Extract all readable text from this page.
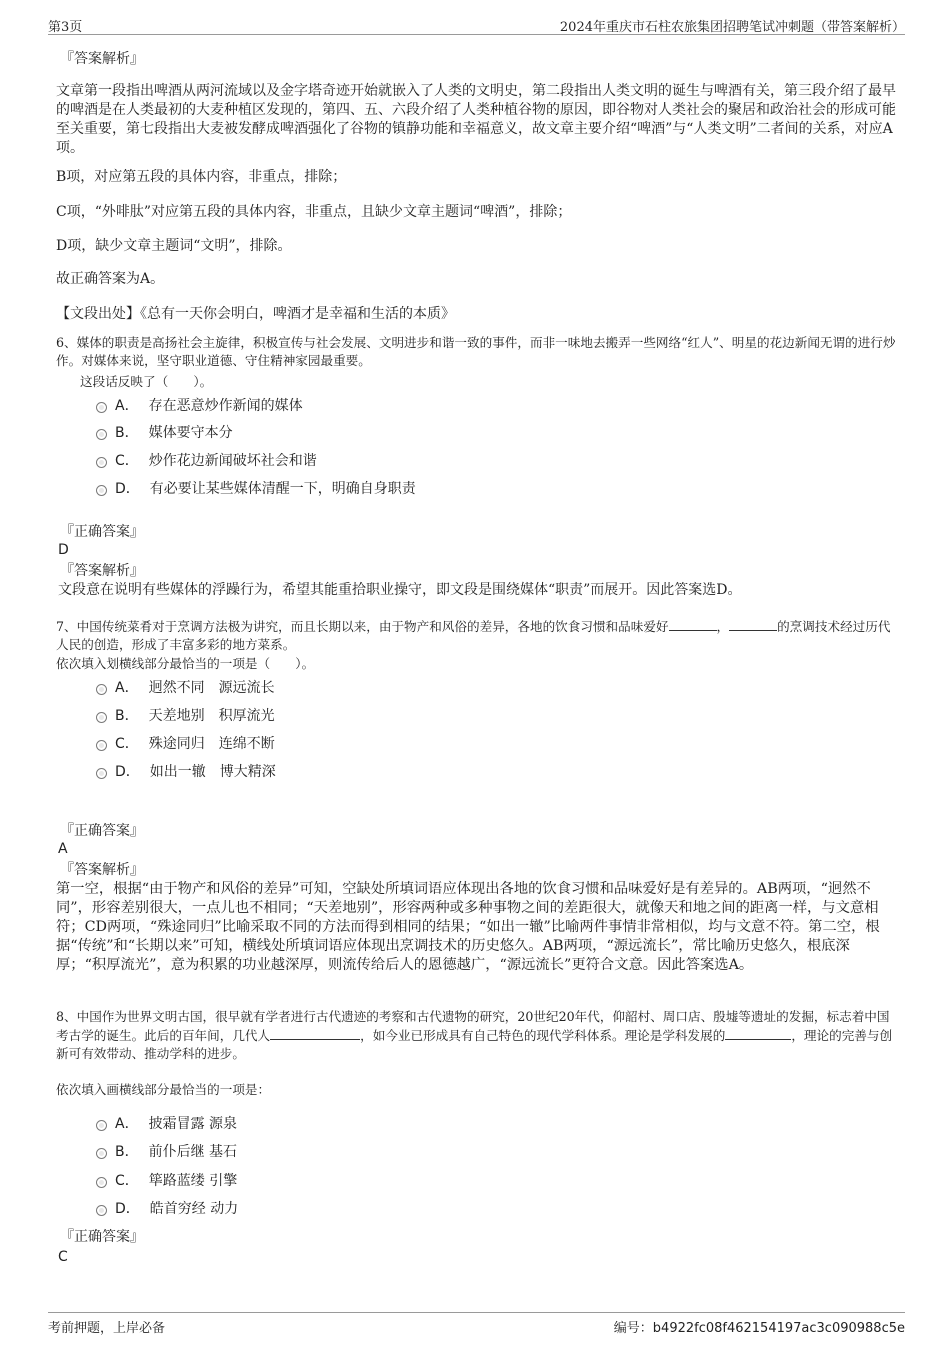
第3页	2024年重庆市石柱农旅集团招聘笔试冲刺题（带答案解析）
『答案解析』
文章第一段指出啤酒从两河流域以及金字塔奇迹开始就嵌入了人类的文明史，第二段指出人类文明的诞生与啤酒有关，第三段介绍了最早的啤酒是在人类最初的大麦种植区发现的，第四、五、六段介绍了人类种植谷物的原因，即谷物对人类社会的聚居和政治社会的形成可能至关重要，第七段指出大麦被发酵成啤酒强化了谷物的镇静功能和幸福意义，故文章主要介绍“啤酒”与“人类文明”二者间的关系，对应A项。
B项，对应第五段的具体内容，非重点，排除；
C项，“外啡肽”对应第五段的具体内容，非重点，且缺少文章主题词“啤酒”，排除；
D项，缺少文章主题词“文明”，排除。
故正确答案为A。
【文段出处】《总有一天你会明白，啤酒才是幸福和生活的本质》
6、媒体的职责是高扬社会主旋律，积极宣传与社会发展、文明进步和谐一致的事件，而非一味地去搬弄一些网络“红人”、明星的花边新闻无谓的进行炒作。对媒体来说，坚守职业道德、守住精神家园最重要。
这段话反映了（　　）。
A． 存在恶意炒作新闻的媒体
B． 媒体要守本分
C． 炒作花边新闻破坏社会和谐
D． 有必要让某些媒体清醒一下，明确自身职责
『正确答案』
D
『答案解析』
文段意在说明有些媒体的浮躁行为，希望其能重拾职业操守，即文段是围绕媒体“职责”而展开。因此答案选D。
7、中国传统菜肴对于烹调方法极为讲究，而且长期以来，由于物产和风俗的差异，各地的饮食习惯和品味爱好	，	的烹调技术经过历代人民的创造，形成了丰富多彩的地方菜系。
依次填入划横线部分最恰当的一项是（　　）。
A． 迥然不同　源远流长
B． 天差地别　积厚流光
C． 殊途同归　连绵不断
D． 如出一辙　博大精深
『正确答案』
A
『答案解析』
第一空，根据“由于物产和风俗的差异”可知，空缺处所填词语应体现出各地的饮食习惯和品味爱好是有差异的。AB两项，“迥然不同”，形容差别很大，一点儿也不相同；“天差地别”，形容两种或多种事物之间的差距很大，就像天和地之间的距离一样，与文意相符；CD两项，“殊途同归”比喻采取不同的方法而得到相同的结果；“如出一辙”比喻两件事情非常相似，均与文意不符。第二空，根据“传统”和“长期以来”可知，横线处所填词语应体现出烹调技术的历史悠久。AB两项，“源远流长”，常比喻历史悠久，根底深厚；“积厚流光”，意为积累的功业越深厚，则流传给后人的恩德越广，“源远流长”更符合文意。因此答案选A。
8、中国作为世界文明古国，很早就有学者进行古代遗迹的考察和古代遗物的研究，20世纪20年代，仰韶村、周口店、殷墟等遗址的发掘，标志着中国考古学的诞生。此后的百年间，几代人	，如今业已形成具有自己特色的现代学科体系。理论是学科发展的	，理论的完善与创新可有效带动、推动学科的进步。
依次填入画横线部分最恰当的一项是：
A． 披霜冒露 源泉
B． 前仆后继 基石
C． 筚路蓝缕 引擎
D． 皓首穷经 动力
『正确答案』
C
考前押题，上岸必备	编号：b4922fc08f462154197ac3c090988c5e
